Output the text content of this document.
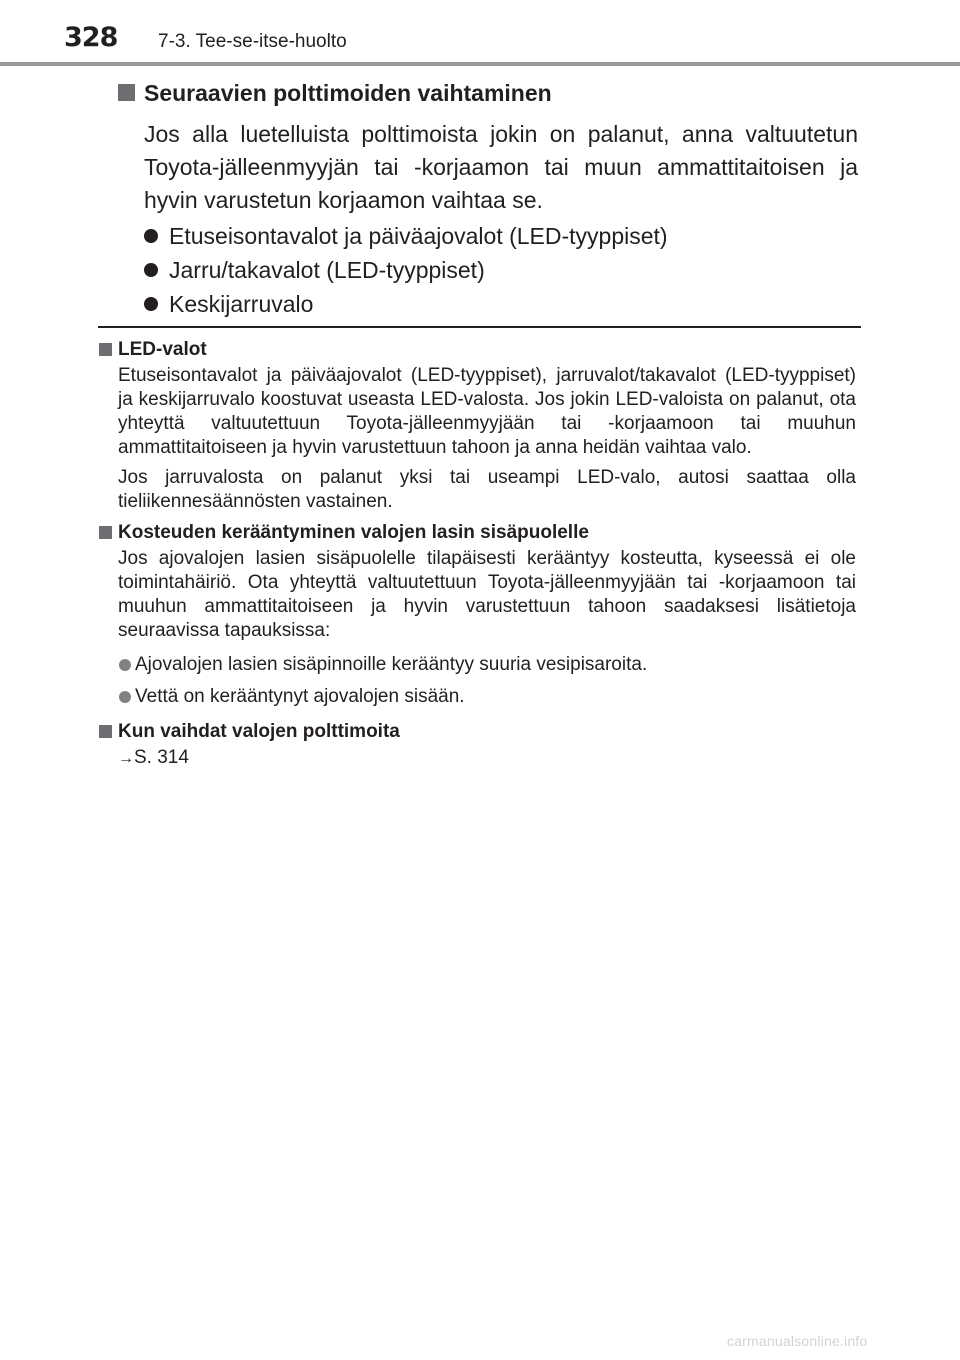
328 7-3. Tee-se-itse-huolto
Seuraavien polttimoiden vaihtaminen

Jos alla luetelluista polttimoista jokin on palanut, anna valtuutetun Toyota-jälleenmyyjän tai -korjaamon tai muun ammattitaitoisen ja hyvin varustetun korjaamon vaihtaa se.

Etuseisontavalot ja päiväajovalot (LED-tyyppiset)
Jarru/takavalot (LED-tyyppiset)
Keskijarruvalo
LED-valot

Etuseisontavalot ja päiväajovalot (LED-tyyppiset), jarruvalot/takavalot (LED-tyyppiset) ja keskijarruvalo koostuvat useasta LED-valosta. Jos jokin LED-valoista on palanut, ota yhteyttä valtuutettuun Toyota-jälleenmyyjään tai -korjaamoon tai muuhun ammattitaitoiseen ja hyvin varustettuun tahoon ja anna heidän vaihtaa valo.

Jos jarruvalosta on palanut yksi tai useampi LED-valo, autosi saattaa olla tieliikennesäännösten vastainen.

Kosteuden kerääntyminen valojen lasin sisäpuolelle

Jos ajovalojen lasien sisäpuolelle tilapäisesti kerääntyy kosteutta, kyseessä ei ole toimintahäiriö. Ota yhteyttä valtuutettuun Toyota-jälleenmyyjään tai -korjaamoon tai muuhun ammattitaitoiseen ja hyvin varustettuun tahoon saadaksesi lisätietoja seuraavissa tapauksissa:

Ajovalojen lasien sisäpinnoille kerääntyy suuria vesipisaroita.
Vettä on kerääntynyt ajovalojen sisään.
Kun vaihdat valojen polttimoita

→S. 314

carmanualsonline.info
